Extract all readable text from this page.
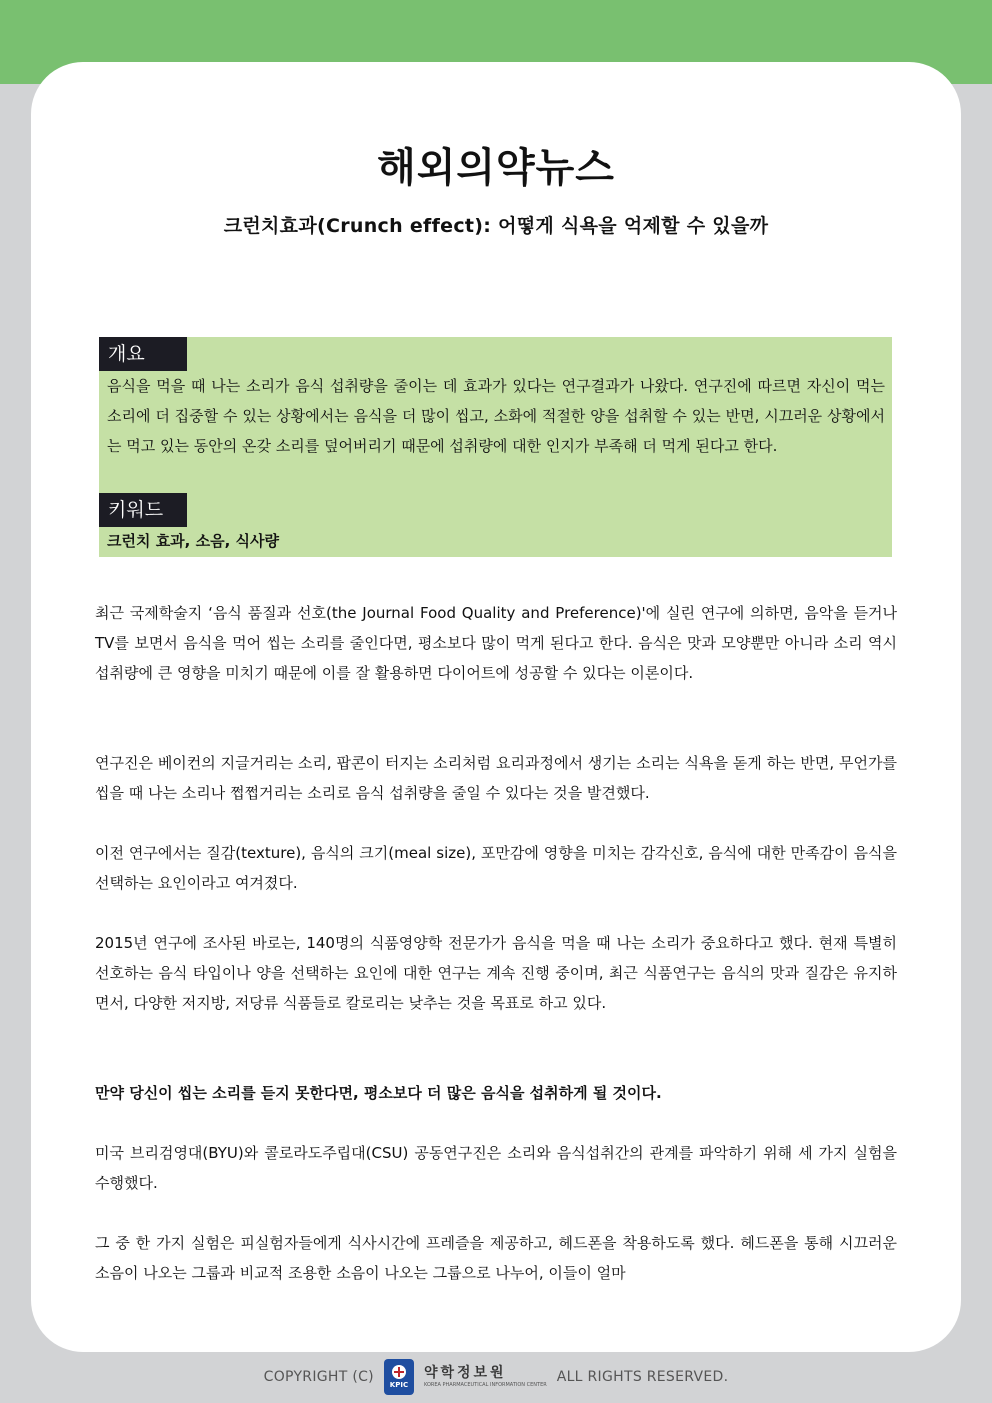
해외의약뉴스
크런치효과(Crunch effect): 어떻게 식욕을 억제할 수 있을까
개요

음식을 먹을 때 나는 소리가 음식 섭취량을 줄이는 데 효과가 있다는 연구결과가 나왔다. 연구진에 따르면 자신이 먹는 소리에 더 집중할 수 있는 상황에서는 음식을 더 많이 씹고, 소화에 적절한 양을 섭취할 수 있는 반면, 시끄러운 상황에서는 먹고 있는 동안의 온갖 소리를 덮어버리기 때문에 섭취량에 대한 인지가 부족해 더 먹게 된다고 한다.

키워드

크런치 효과, 소음, 식사량

최근 국제학술지 ‘음식 품질과 선호(the Journal Food Quality and Preference)'에 실린 연구에 의하면, 음악을 듣거나 TV를 보면서 음식을 먹어 씹는 소리를 줄인다면, 평소보다 많이 먹게 된다고 한다. 음식은 맛과 모양뿐만 아니라 소리 역시 섭취량에 큰 영향을 미치기 때문에 이를 잘 활용하면 다이어트에 성공할 수 있다는 이론이다.

연구진은 베이컨의 지글거리는 소리, 팝콘이 터지는 소리처럼 요리과정에서 생기는 소리는 식욕을 돋게 하는 반면, 무언가를 씹을 때 나는 소리나 쩝쩝거리는 소리로 음식 섭취량을 줄일 수 있다는 것을 발견했다.

이전 연구에서는 질감(texture), 음식의 크기(meal size), 포만감에 영향을 미치는 감각신호, 음식에 대한 만족감이 음식을 선택하는 요인이라고 여겨졌다.

2015년 연구에 조사된 바로는, 140명의 식품영양학 전문가가 음식을 먹을 때 나는 소리가 중요하다고 했다. 현재 특별히 선호하는 음식 타입이나 양을 선택하는 요인에 대한 연구는 계속 진행 중이며, 최근 식품연구는 음식의 맛과 질감은 유지하면서, 다양한 저지방, 저당류 식품들로 칼로리는 낮추는 것을 목표로 하고 있다.

만약 당신이 씹는 소리를 듣지 못한다면, 평소보다 더 많은 음식을 섭취하게 될 것이다.

미국 브리검영대(BYU)와 콜로라도주립대(CSU) 공동연구진은 소리와 음식섭취간의 관계를 파악하기 위해 세 가지 실험을 수행했다.

그 중 한 가지 실험은 피실험자들에게 식사시간에 프레즐을 제공하고, 헤드폰을 착용하도록 했다. 헤드폰을 통해 시끄러운 소음이 나오는 그룹과 비교적 조용한 소음이 나오는 그룹으로 나누어, 이들이 얼마

COPYRIGHT (C) KPIC
약학정보원
KOREA PHARMACEUTICAL INFORMATION CENTER ALL RIGHTS RESERVED.
